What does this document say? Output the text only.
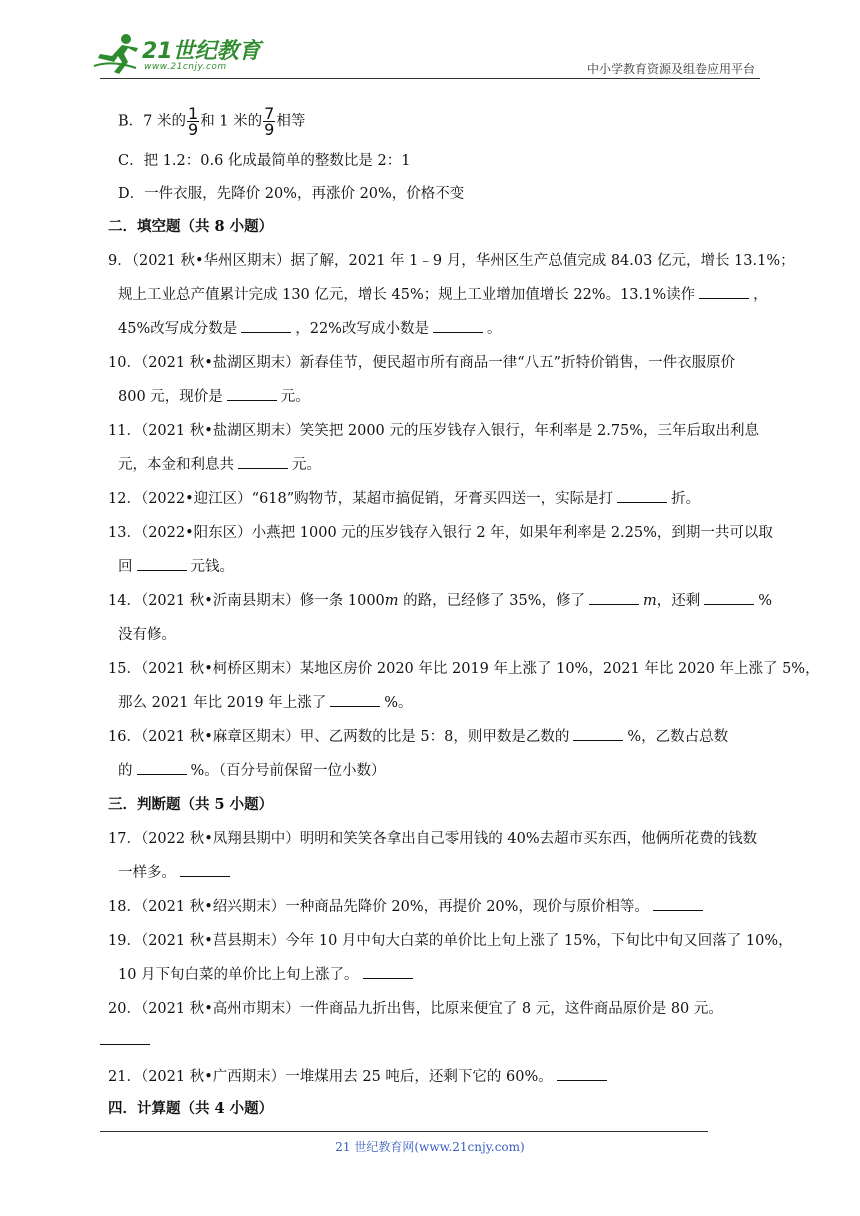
21世纪教育
www.21cnjy.com	中小学教育资源及组卷应用平台
B．7 米的 $\frac{1}{9}$ 和 1 米的 $\frac{7}{9}$ 相等
C．把 1.2：0.6 化成最简单的整数比是 2：1
D．一件衣服，先降价 20%，再涨价 20%，价格不变
二．填空题（共 8 小题）
9．（2021 秋•华州区期末）据了解，2021 年 1﹣9 月，华州区生产总值完成 84.03 亿元，增长 13.1%；
规上工业总产值累计完成 130 亿元，增长 45%；规上工业增加值增长 22%。13.1%读作	，
45%改写成分数是	，22%改写成小数是	。
10．（2021 秋•盐湖区期末）新春佳节，便民超市所有商品一律“八五”折特价销售，一件衣服原价
800 元，现价是	元。
11．（2021 秋•盐湖区期末）笑笑把 2000 元的压岁钱存入银行，年利率是 2.75%，三年后取出利息
元，本金和利息共	元。
12．（2022•迎江区）“618”购物节，某超市搞促销，牙膏买四送一，实际是打	折。
13．（2022•阳东区）小燕把 1000 元的压岁钱存入银行 2 年，如果年利率是 2.25%，到期一共可以取
回	元钱。
14．（2021 秋•沂南县期末）修一条 1000m 的路，已经修了 35%，修了	m，还剩	%
没有修。
15．（2021 秋•柯桥区期末）某地区房价 2020 年比 2019 年上涨了 10%，2021 年比 2020 年上涨了 5%，
那么 2021 年比 2019 年上涨了	%。
16．（2021 秋•麻章区期末）甲、乙两数的比是 5：8，则甲数是乙数的	%，乙数占总数
的	%。（百分号前保留一位小数）
三．判断题（共 5 小题）
17．（2022 秋•凤翔县期中）明明和笑笑各拿出自己零用钱的 40%去超市买东西，他俩所花费的钱数
一样多。
18．（2021 秋•绍兴期末）一种商品先降价 20%，再提价 20%，现价与原价相等。
19．（2021 秋•莒县期末）今年 10 月中旬大白菜的单价比上旬上涨了 15%，下旬比中旬又回落了 10%，
10 月下旬白菜的单价比上旬上涨了。
20．（2021 秋•高州市期末）一件商品九折出售，比原来便宜了 8 元，这件商品原价是 80 元。
21．（2021 秋•广西期末）一堆煤用去 25 吨后，还剩下它的 60%。
四．计算题（共 4 小题）
21 世纪教育网(www.21cnjy.com)
